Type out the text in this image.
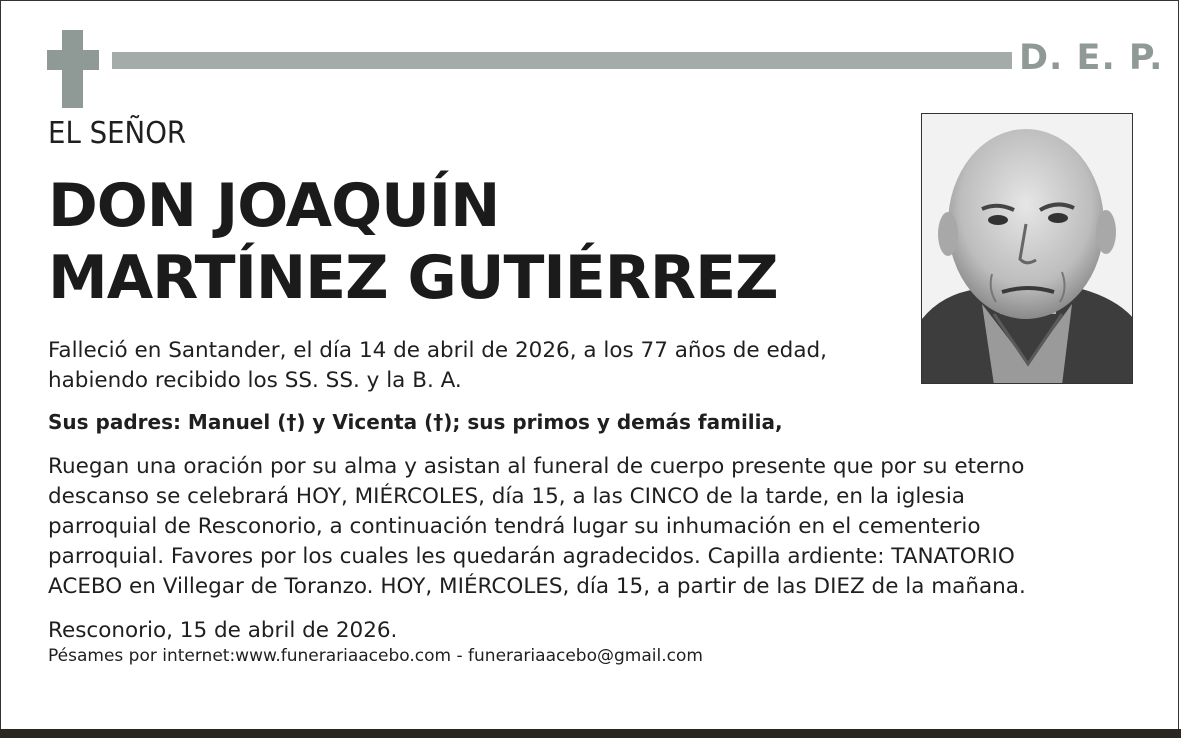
D. E. P.
EL SEÑOR
DON JOAQUÍN
MARTÍNEZ GUTIÉRREZ
Falleció en Santander, el día 14 de abril de 2026, a los 77 años de edad,
habiendo recibido los SS. SS. y la B. A.
Sus padres: Manuel (†) y Vicenta (†); sus primos y demás familia,
Ruegan una oración por su alma y asistan al funeral de cuerpo presente que por su eterno
descanso se celebrará HOY, MIÉRCOLES, día 15, a las CINCO de la tarde, en la iglesia
parroquial de Resconorio, a continuación tendrá lugar su inhumación en el cementerio
parroquial. Favores por los cuales les quedarán agradecidos. Capilla ardiente: TANATORIO
ACEBO en Villegar de Toranzo. HOY, MIÉRCOLES, día 15, a partir de las DIEZ de la mañana.
Resconorio, 15 de abril de 2026.
Pésames por internet:www.funerariaacebo.com - funerariaacebo@gmail.com
